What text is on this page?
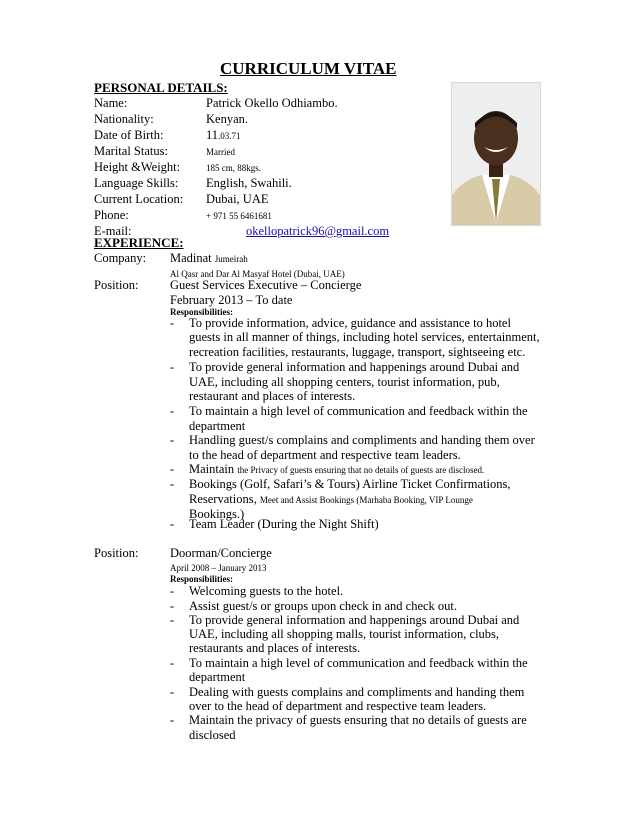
CURRICULUM VITAE
PERSONAL DETAILS:
Name:	Patrick Okello Odhiambo.
Nationality:	Kenyan.
Date of Birth:	11.03.71
Marital Status:	Married
Height &Weight:	185 cm, 88kgs.
Language Skills: English, Swahili.
Current Location: Dubai, UAE
Phone:	+ 971 55 6461681
E-mail:	okellopatrick96@gmail.com
EXPERIENCE:
Company: Madinat Jumeirah
Al Qasr and Dar Al Masyaf Hotel (Dubai, UAE)
Position:	Guest Services Executive – Concierge
February 2013 – To date
Responsibilities:
- To provide information, advice, guidance and assistance to hotel
guests in all manner of things, including hotel services, entertainment,
recreation facilities, restaurants, luggage, transport, sightseeing etc.
- To provide general information and happenings around Dubai and
UAE, including all shopping centers, tourist information, pub,
restaurant and places of interests.
- To maintain a high level of communication and feedback within the
department
- Handling guest/s complains and compliments and handing them over
to the head of department and respective team leaders.
- Maintain the Privacy of guests ensuring that no details of guests are disclosed.
- Bookings (Golf, Safari’s & Tours) Airline Ticket Confirmations,
Reservations, Meet and Assist Bookings (Marhaba Booking, VIP Lounge
Bookings.)
- Team Leader (During the Night Shift)
Position:	Doorman/Concierge
April 2008 – January 2013
Responsibilities:
- Welcoming guests to the hotel.
- Assist guest/s or groups upon check in and check out.
- To provide general information and happenings around Dubai and
UAE, including all shopping malls, tourist information, clubs,
restaurants and places of interests.
- To maintain a high level of communication and feedback within the
department
- Dealing with guests complains and compliments and handing them
over to the head of department and respective team leaders.
- Maintain the privacy of guests ensuring that no details of guests are
disclosed
